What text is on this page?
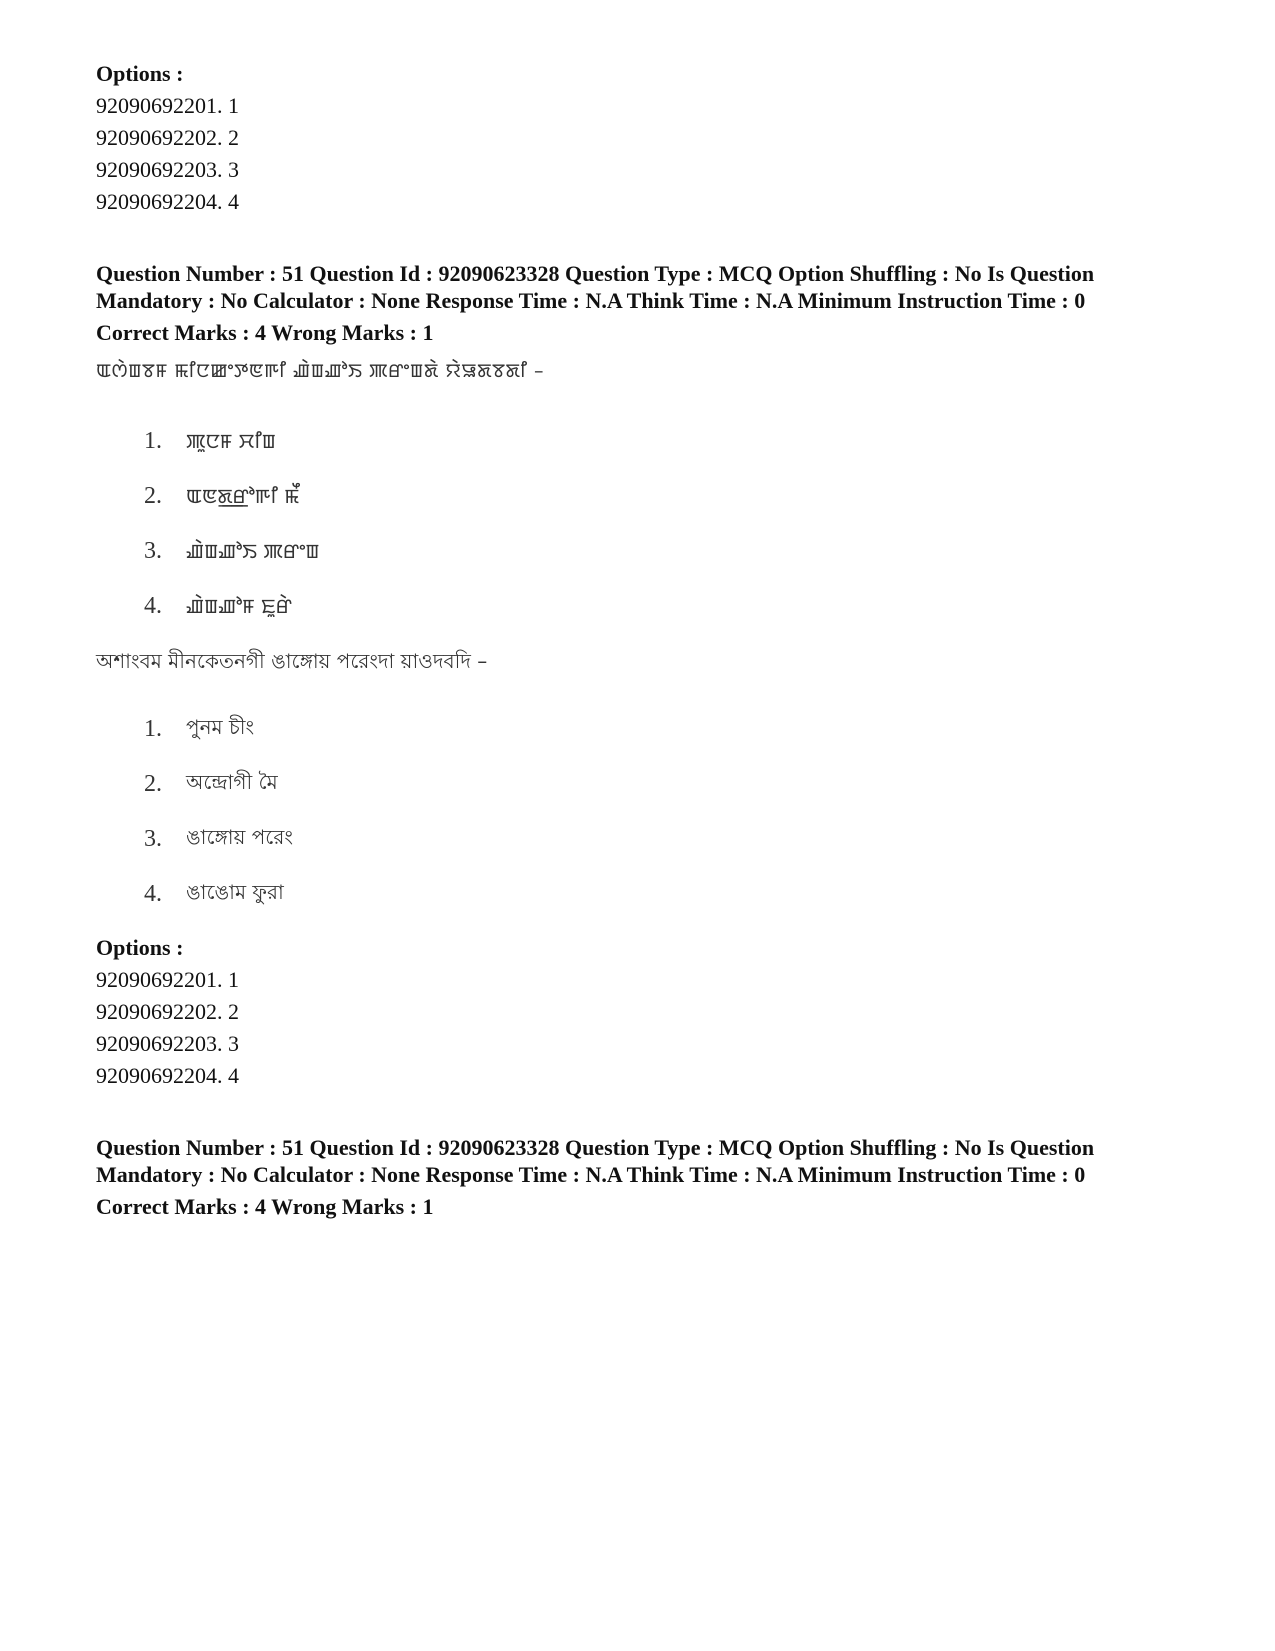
Options :
92090692201. 1
92090692202. 2
92090692203. 3
92090692204. 4
Question Number : 51 Question Id : 92090623328 Question Type : MCQ Option Shuffling : No Is Question Mandatory : No Calculator : None Response Time : N.A Think Time : N.A Minimum Instruction Time : 0
Correct Marks : 4 Wrong Marks : 1
ꯑꯁꯥꯡꯕꯝ ꯃꯤꯅꯀꯦꯇꯟꯒꯤ ꯉꯥꯡꯉꯣꯏ ꯄꯔꯦꯡꯗꯥ ꯌꯥꯎꯗꯕꯗꯤ –
1.	ꯄꯨꯅꯝ ꯆꯤꯡ
2.	ꯑꯟꯗ꯭ꯔꯣꯒꯤ ꯃꯩ
3.	ꯉꯥꯡꯉꯣꯏ ꯄꯔꯦꯡ
4.	ꯉꯥꯡꯉꯣꯝ ꯐꯨꯔꯥ
অশাংবম মীনকেতনগী ঙাঙ্গোয় পরেংদা য়াওদবদি –
1.	পুনম চীং
2.	অন্দ্রোগী মৈ
3.	ঙাঙ্গোয় পরেং
4.	ঙাঙোম ফুরা
Options :
92090692201. 1
92090692202. 2
92090692203. 3
92090692204. 4
Question Number : 51 Question Id : 92090623328 Question Type : MCQ Option Shuffling : No Is Question Mandatory : No Calculator : None Response Time : N.A Think Time : N.A Minimum Instruction Time : 0
Correct Marks : 4 Wrong Marks : 1
